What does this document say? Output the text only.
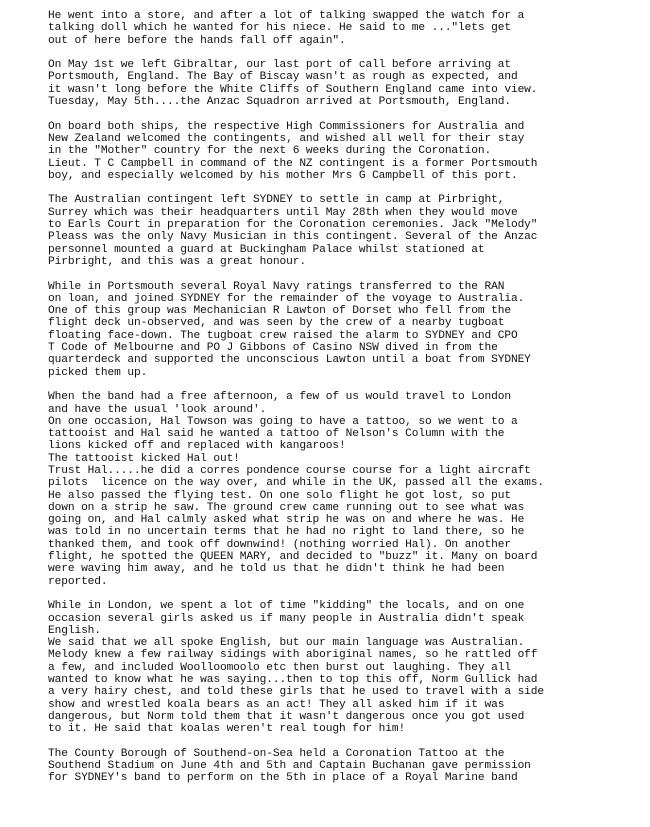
He went into a store, and after a lot of talking swapped the watch for a
talking doll which he wanted for his niece. He said to me ..."lets get
out of here before the hands fall off again".
On May 1st we left Gibraltar, our last port of call before arriving at
Portsmouth, England. The Bay of Biscay wasn't as rough as expected, and
it wasn't long before the White Cliffs of Southern England came into view.
Tuesday, May 5th....the Anzac Squadron arrived at Portsmouth, England.
On board both ships, the respective High Commissioners for Australia and
New Zealand welcomed the contingents, and wished all well for their stay
in the "Mother" country for the next 6 weeks during the Coronation.
Lieut. T C Campbell in command of the NZ contingent is a former Portsmouth
boy, and especially welcomed by his mother Mrs G Campbell of this port.
The Australian contingent left SYDNEY to settle in camp at Pirbright,
Surrey which was their headquarters until May 28th when they would move
to Earls Court in preparation for the Coronation ceremonies. Jack "Melody"
Pleass was the only Navy Musician in this contingent. Several of the Anzac
personnel mounted a guard at Buckingham Palace whilst stationed at
Pirbright, and this was a great honour.
While in Portsmouth several Royal Navy ratings transferred to the RAN
on loan, and joined SYDNEY for the remainder of the voyage to Australia.
One of this group was Mechanician R Lawton of Dorset who fell from the
flight deck un-observed, and was seen by the crew of a nearby tugboat
floating face-down. The tugboat crew raised the alarm to SYDNEY and CPO
T Code of Melbourne and PO J Gibbons of Casino NSW dived in from the
quarterdeck and supported the unconscious Lawton until a boat from SYDNEY
picked them up.
When the band had a free afternoon, a few of us would travel to London
and have the usual 'look around'.
On one occasion, Hal Towson was going to have a tattoo, so we went to a
tattooist and Hal said he wanted a tattoo of Nelson's Column with the
lions kicked off and replaced with kangaroos!
The tattooist kicked Hal out!
Trust Hal.....he did a corres pondence course course for a light aircraft
pilots  licence on the way over, and while in the UK, passed all the exams.
He also passed the flying test. On one solo flight he got lost, so put
down on a strip he saw. The ground crew came running out to see what was
going on, and Hal calmly asked what strip he was on and where he was. He
was told in no uncertain terms that he had no right to land there, so he
thanked them, and took off downwind! (nothing worried Hal). On another
flight, he spotted the QUEEN MARY, and decided to "buzz" it. Many on board
were waving him away, and he told us that he didn't think he had been
reported.
While in London, we spent a lot of time "kidding" the locals, and on one
occasion several girls asked us if many people in Australia didn't speak
English.
We said that we all spoke English, but our main language was Australian.
Melody knew a few railway sidings with aboriginal names, so he rattled off
a few, and included Woolloomoolo etc then burst out laughing. They all
wanted to know what he was saying...then to top this off, Norm Gullick had
a very hairy chest, and told these girls that he used to travel with a side
show and wrestled koala bears as an act! They all asked him if it was
dangerous, but Norm told them that it wasn't dangerous once you got used
to it. He said that koalas weren't real tough for him!
The County Borough of Southend-on-Sea held a Coronation Tattoo at the
Southend Stadium on June 4th and 5th and Captain Buchanan gave permission
for SYDNEY's band to perform on the 5th in place of a Royal Marine band
